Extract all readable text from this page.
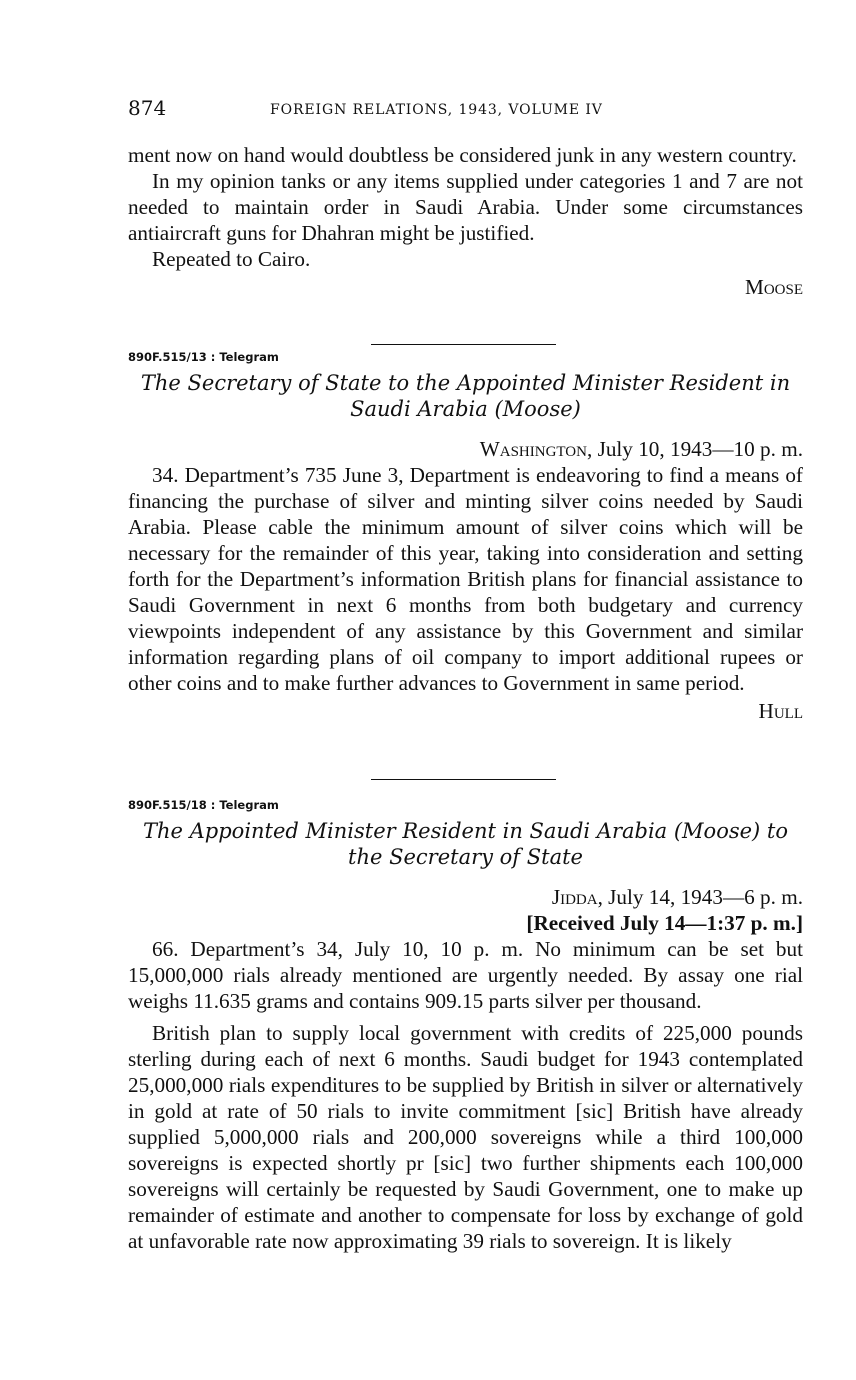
874	FOREIGN RELATIONS, 1943, VOLUME IV

ment now on hand would doubtless be considered junk in any western country.

In my opinion tanks or any items supplied under categories 1 and 7 are not needed to maintain order in Saudi Arabia. Under some circumstances antiaircraft guns for Dhahran might be justified.

Repeated to Cairo.

Moose

890F.515/13 : Telegram
The Secretary of State to the Appointed Minister Resident in Saudi Arabia (Moose)
Washington, July 10, 1943—10 p. m.

34. Department’s 735 June 3, Department is endeavoring to find a means of financing the purchase of silver and minting silver coins needed by Saudi Arabia. Please cable the minimum amount of silver coins which will be necessary for the remainder of this year, taking into consideration and setting forth for the Department’s information British plans for financial assistance to Saudi Government in next 6 months from both budgetary and currency viewpoints independent of any assistance by this Government and similar information regarding plans of oil company to import additional rupees or other coins and to make further advances to Government in same period.

Hull

890F.515/18 : Telegram
The Appointed Minister Resident in Saudi Arabia (Moose) to the Secretary of State
Jidda, July 14, 1943—6 p. m.
[Received July 14—1:37 p. m.]

66. Department’s 34, July 10, 10 p. m. No minimum can be set but 15,000,000 rials already mentioned are urgently needed. By assay one rial weighs 11.635 grams and contains 909.15 parts silver per thousand.

British plan to supply local government with credits of 225,000 pounds sterling during each of next 6 months. Saudi budget for 1943 contemplated 25,000,000 rials expenditures to be supplied by British in silver or alternatively in gold at rate of 50 rials to invite commitment [sic] British have already supplied 5,000,000 rials and 200,000 sovereigns while a third 100,000 sovereigns is expected shortly pr [sic] two further shipments each 100,000 sovereigns will certainly be requested by Saudi Government, one to make up remainder of estimate and another to compensate for loss by exchange of gold at unfavorable rate now approximating 39 rials to sovereign. It is likely
